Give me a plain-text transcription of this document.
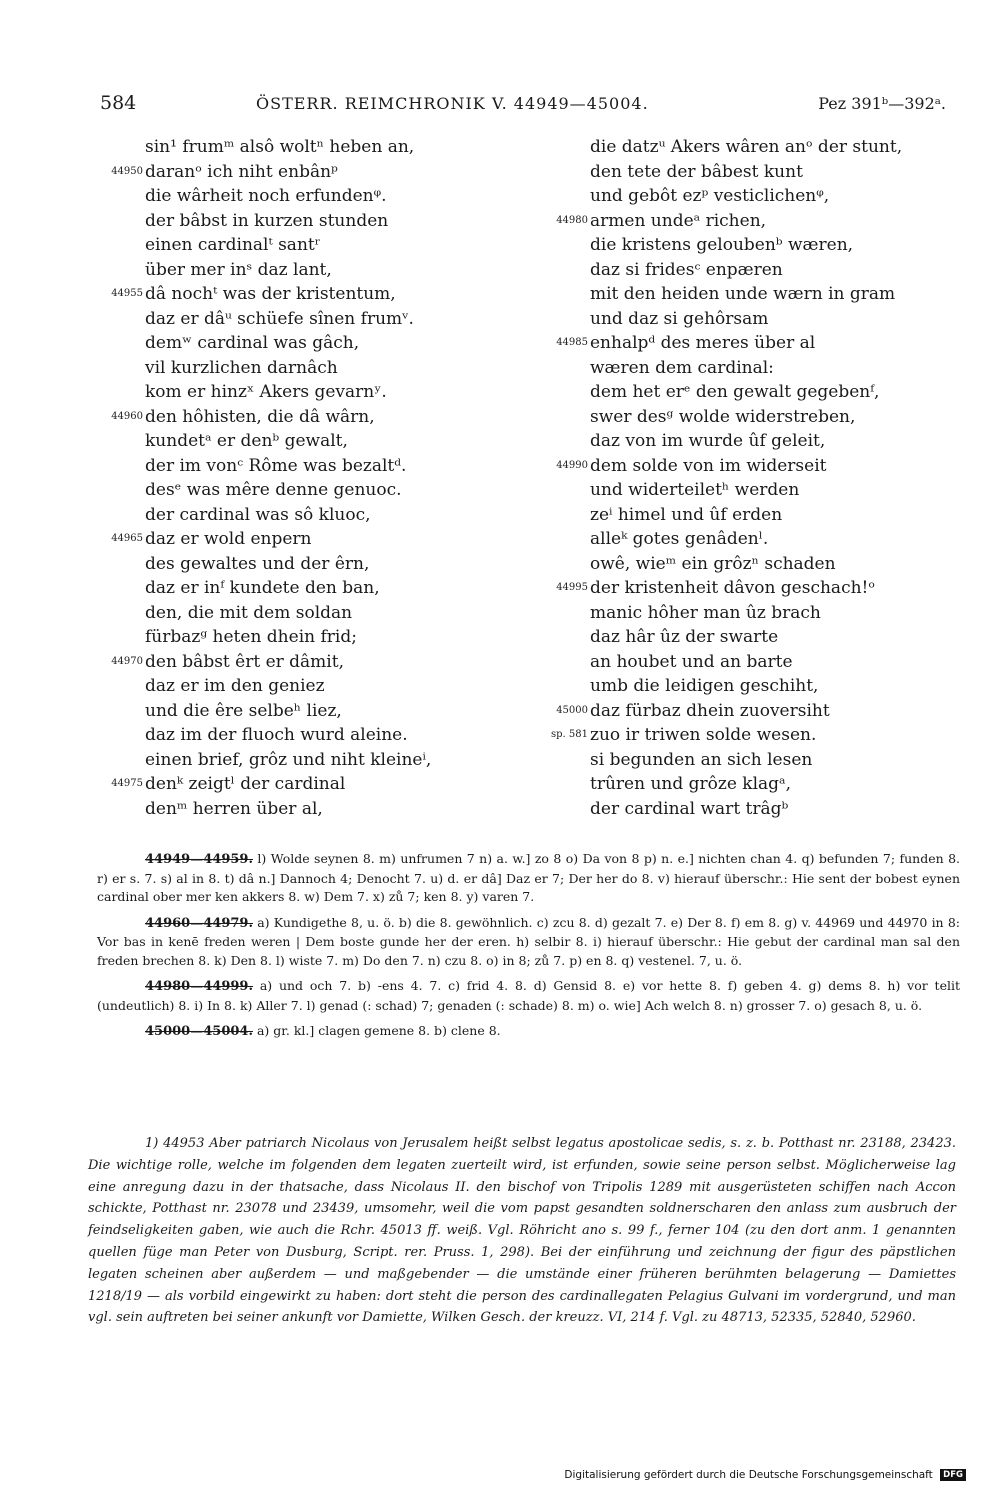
584	ÖSTERR. REIMCHRONIK V. 44949—45004.	Pez 391ᵇ—392ᵃ.
sin¹ frumᵐ alsô woltⁿ heben an,
44950 daranᵒ ich niht enbânᵖ
die wârheit noch erfundenᵠ.
der bâbst in kurzen stunden
einen cardinalᵗ santʳ
über mer inˢ daz lant,
44955 dâ nochᵗ was der kristentum,
daz er dâᵘ schüefe sînen frumᵛ.
demʷ cardinal was gâch,
vil kurzlichen darnâch
kom er hinzˣ Akers gevarnʸ.
44960 den hôhisten, die dâ wârn,
kundetᵃ er denᵇ gewalt,
der im vonᶜ Rôme was bezaltᵈ.
desᵉ was mêre denne genuoc.
der cardinal was sô kluoc,
44965 daz er wold enpern
des gewaltes und der êrn,
daz er inᶠ kundete den ban,
den, die mit dem soldan
fürbazᵍ heten dhein frid;
44970 den bâbst êrt er dâmit,
daz er im den geniez
und die êre selbeʰ liez,
daz im der fluoch wurd aleine.
einen brief, grôz und niht kleineⁱ,
44975 denᵏ zeigtˡ der cardinal
denᵐ herren über al,
die datzᵘ Akers wâren anᵒ der stunt,
den tete der bâbest kunt
und gebôt ezᵖ vesticlichenᵠ,
44980 armen undeᵃ richen,
die kristens geloubenᵇ wæren,
daz si fridesᶜ enpæren
mit den heiden unde wærn in gram
und daz si gehôrsam
44985 enhalpᵈ des meres über al
wæren dem cardinal:
dem het erᵉ den gewalt gegebenᶠ,
swer desᵍ wolde widerstreben,
daz von im wurde ûf geleit,
44990 dem solde von im widerseit
und widerteiletʰ werden
zeⁱ himel und ûf erden
alleᵏ gotes genâdenˡ.
owê, wieᵐ ein grôzⁿ schaden
44995 der kristenheit dâvon geschach!ᵒ
manic hôher man ûz brach
daz hâr ûz der swarte
an houbet und an barte
umb die leidigen geschiht,
45000 daz fürbaz dhein zuoversiht
sp. 581 zuo ir triwen solde wesen.
si begunden an sich lesen
trûren und grôze klagᵃ,
der cardinal wart trâgᵇ
44949—44959. l) Wolde seynen 8. m) unfrumen 7 n) a. w.] zo 8 o) Da von 8 p) n. e.] nichten chan 4. q) befunden 7; funden 8. r) er s. 7. s) al in 8. t) dâ n.] Dannoch 4; Denocht 7. u) d. er dâ] Daz er 7; Der her do 8. v) hierauf überschr.: Hie sent der bobest eynen cardinal ober mer ken akkers 8. w) Dem 7. x) zů 7; ken 8. y) varen 7.
44960—44979. a) Kundigethe 8, u. ö. b) die 8. gewöhnlich. c) zcu 8. d) gezalt 7. e) Der 8. f) em 8. g) v. 44969 und 44970 in 8: Vor bas in kenē freden weren | Dem boste gunde her der eren. h) selbir 8. i) hierauf überschr.: Hie gebut der cardinal man sal den freden brechen 8. k) Den 8. l) wiste 7. m) Do den 7. n) czu 8. o) in 8; zů 7. p) en 8. q) vestenel. 7, u. ö.
44980—44999. a) und och 7. b) -ens 4. 7. c) frid 4. 8. d) Gensid 8. e) vor hette 8. f) geben 4. g) dems 8. h) vor telit (undeutlich) 8. i) In 8. k) Aller 7. l) genad (: schad) 7; genaden (: schade) 8. m) o. wie] Ach welch 8. n) grosser 7. o) gesach 8, u. ö.
45000—45004. a) gr. kl.] clagen gemene 8. b) clene 8.
1) 44953 Aber patriarch Nicolaus von Jerusalem heißt selbst legatus apostolicae sedis, s. z. b. Potthast nr. 23188, 23423. Die wichtige rolle, welche im folgenden dem legaten zuerteilt wird, ist erfunden, sowie seine person selbst. Möglicherweise lag eine anregung dazu in der thatsache, dass Nicolaus II. den bischof von Tripolis 1289 mit ausgerüsteten schiffen nach Accon schickte, Potthast nr. 23078 und 23439, umsomehr, weil die vom papst gesandten soldnerscharen den anlass zum ausbruch der feindseligkeiten gaben, wie auch die Rchr. 45013 ff. weiß. Vgl. Röhricht ano s. 99 f., ferner 104 (zu den dort anm. 1 genannten quellen füge man Peter von Dusburg, Script. rer. Pruss. 1, 298). Bei der einführung und zeichnung der figur des päpstlichen legaten scheinen aber außerdem — und maßgebender — die umstände einer früheren berühmten belagerung — Damiettes 1218/19 — als vorbild eingewirkt zu haben: dort steht die person des cardinallegaten Pelagius Gulvani im vordergrund, und man vgl. sein auftreten bei seiner ankunft vor Damiette, Wilken Gesch. der kreuzz. VI, 214 f. Vgl. zu 48713, 52335, 52840, 52960.
Digitalisierung gefördert durch die Deutsche Forschungsgemeinschaft DFG
